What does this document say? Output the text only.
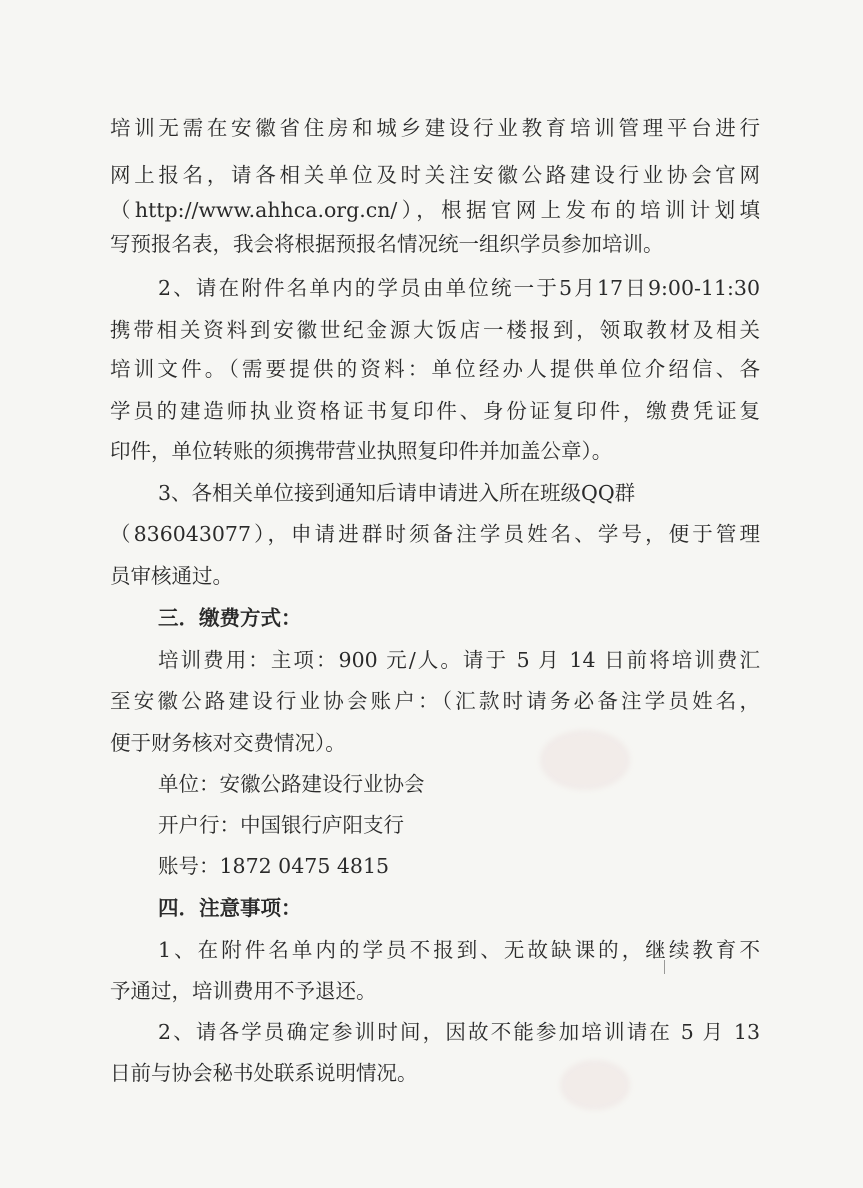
培训无需在安徽省住房和城乡建设行业教育培训管理平台进行
网上报名，请各相关单位及时关注安徽公路建设行业协会官网
（http://www.ahhca.org.cn/），根据官网上发布的培训计划填
写预报名表，我会将根据预报名情况统一组织学员参加培训。
2、请在附件名单内的学员由单位统一于5月17日9:00-11:30
携带相关资料到安徽世纪金源大饭店一楼报到，领取教材及相关
培训文件。（需要提供的资料：单位经办人提供单位介绍信、各
学员的建造师执业资格证书复印件、身份证复印件，缴费凭证复
印件，单位转账的须携带营业执照复印件并加盖公章）。
3、各相关单位接到通知后请申请进入所在班级QQ群
（836043077），申请进群时须备注学员姓名、学号，便于管理
员审核通过。
三．缴费方式：
培训费用：主项：900 元/人。请于 5 月 14 日前将培训费汇
至安徽公路建设行业协会账户：（汇款时请务必备注学员姓名，
便于财务核对交费情况）。
单位：安徽公路建设行业协会
开户行：中国银行庐阳支行
账号：1872 0475 4815
四．注意事项：
1、在附件名单内的学员不报到、无故缺课的，继续教育不
予通过，培训费用不予退还。
2、请各学员确定参训时间，因故不能参加培训请在 5 月 13
日前与协会秘书处联系说明情况。
